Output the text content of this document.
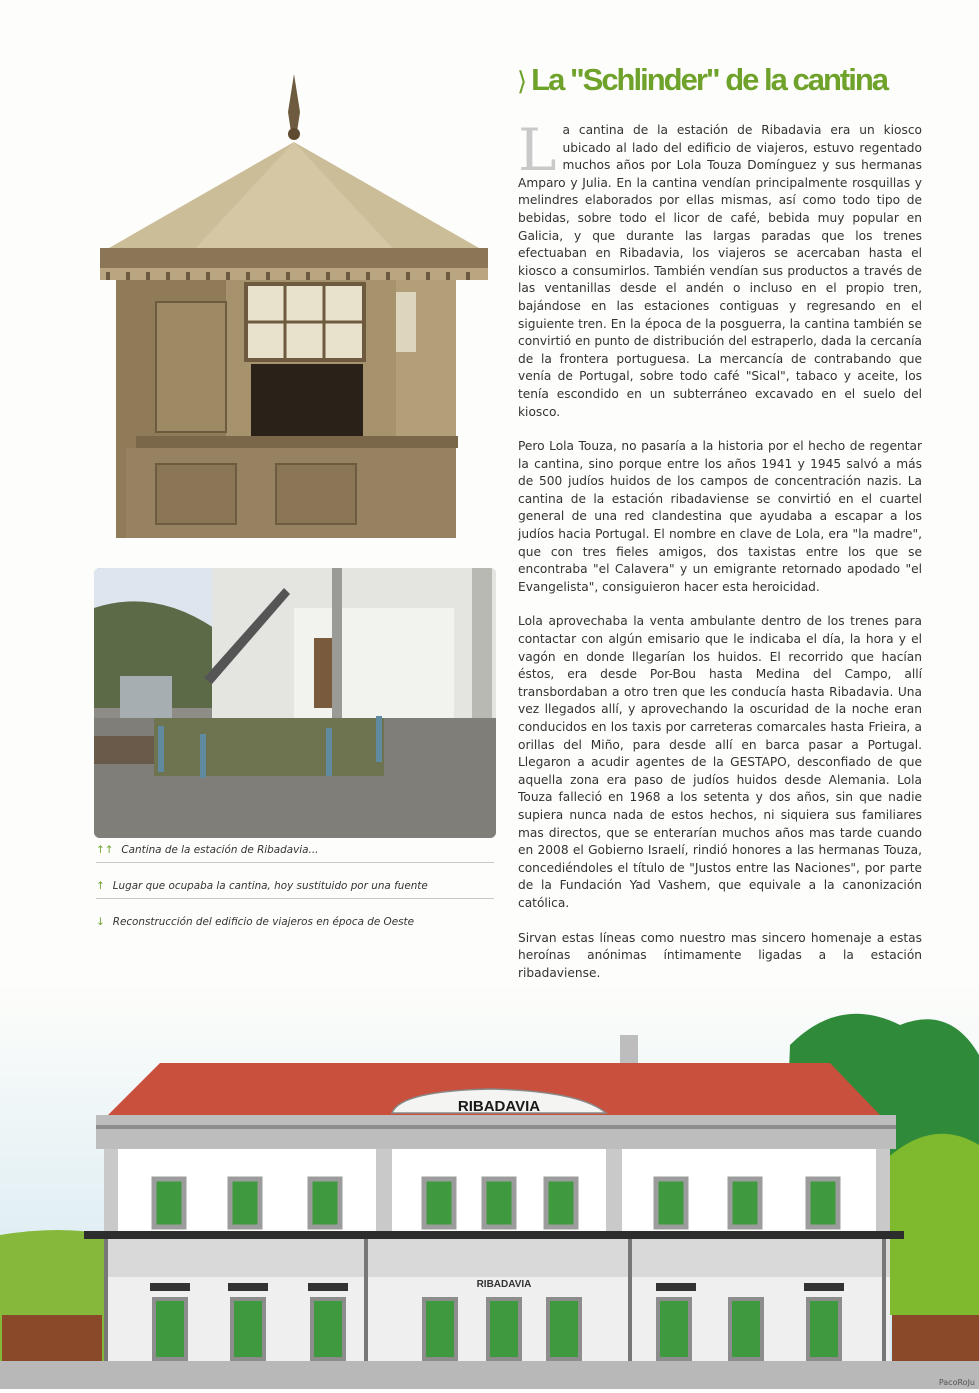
⟩ La "Schlinder" de la cantina

La cantina de la estación de Ribadavia era un kiosco ubicado al lado del edificio de viajeros, estuvo regentado muchos años por Lola Touza Domínguez y sus hermanas Amparo y Julia. En la cantina vendían principalmente rosquillas y melindres elaborados por ellas mismas, así como todo tipo de bebidas, sobre todo el licor de café, bebida muy popular en Galicia, y que durante las largas paradas que los trenes efectuaban en Ribadavia, los viajeros se acercaban hasta el kiosco a consumirlos. También vendían sus productos a través de las ventanillas desde el andén o incluso en el propio tren, bajándose en las estaciones contiguas y regresando en el siguiente tren. En la época de la posguerra, la cantina también se convirtió en punto de distribución del estraperlo, dada la cercanía de la frontera portuguesa. La mercancía de contrabando que venía de Portugal, sobre todo café "Sical", tabaco y aceite, los tenía escondido en un subterráneo excavado en el suelo del kiosco.

Pero Lola Touza, no pasaría a la historia por el hecho de regentar la cantina, sino porque entre los años 1941 y 1945 salvó a más de 500 judíos huidos de los campos de concentración nazis. La cantina de la estación ribadaviense se convirtió en el cuartel general de una red clandestina que ayudaba a escapar a los judíos hacia Portugal. El nombre en clave de Lola, era "la madre", que con tres fieles amigos, dos taxistas entre los que se encontraba "el Calavera" y un emigrante retornado apodado "el Evangelista", consiguieron hacer esta heroicidad.

Lola aprovechaba la venta ambulante dentro de los trenes para contactar con algún emisario que le indicaba el día, la hora y el vagón en donde llegarían los huidos. El recorrido que hacían éstos, era desde Por-Bou hasta Medina del Campo, allí transbordaban a otro tren que les conducía hasta Ribadavia. Una vez llegados allí, y aprovechando la oscuridad de la noche eran conducidos en los taxis por carreteras comarcales hasta Frieira, a orillas del Miño, para desde allí en barca pasar a Portugal. Llegaron a acudir agentes de la GESTAPO, desconfiado de que aquella zona era paso de judíos huidos desde Alemania. Lola Touza falleció en 1968 a los setenta y dos años, sin que nadie supiera nunca nada de estos hechos, ni siquiera sus familiares mas directos, que se enterarían muchos años mas tarde cuando en 2008 el Gobierno Israelí, rindió honores a las hermanas Touza, concediéndoles el título de "Justos entre las Naciones", por parte de la Fundación Yad Vashem, que equivale a la canonización católica.

Sirvan estas líneas como nuestro mas sincero homenaje a estas heroínas anónimas íntimamente ligadas a la estación ribadaviense.

↑↑ Cantina de la estación de Ribadavia...
↑ Lugar que ocupaba la cantina, hoy sustituido por una fuente
↓ Reconstrucción del edificio de viajeros en época de Oeste
RIBADAVIA
RIBADAVIA
PacoRoJu
